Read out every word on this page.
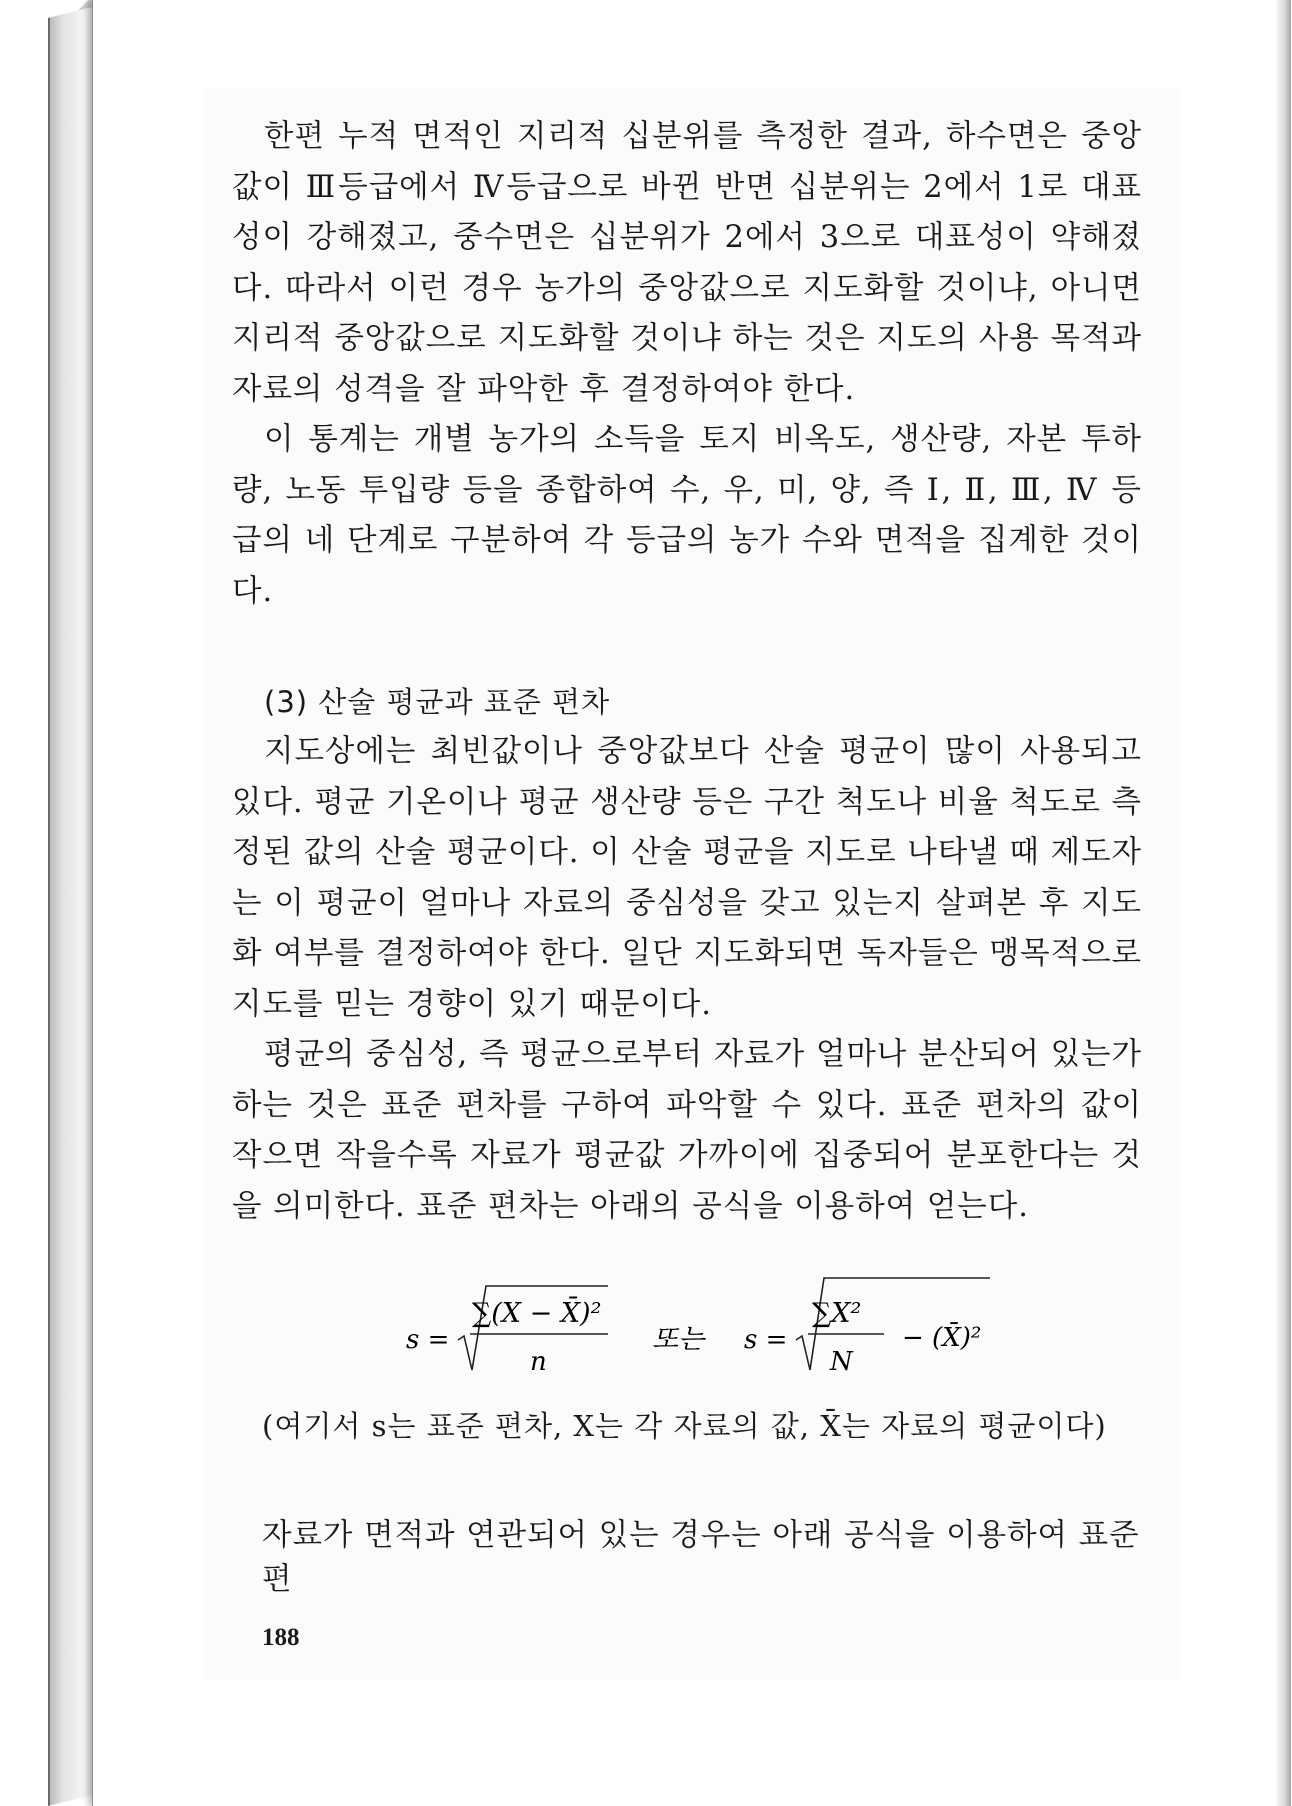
한편 누적 면적인 지리적 십분위를 측정한 결과, 하수면은 중앙값이 Ⅲ등급에서 Ⅳ등급으로 바뀐 반면 십분위는 2에서 1로 대표성이 강해졌고, 중수면은 십분위가 2에서 3으로 대표성이 약해졌다. 따라서 이런 경우 농가의 중앙값으로 지도화할 것이냐, 아니면 지리적 중앙값으로 지도화할 것이냐 하는 것은 지도의 사용 목적과 자료의 성격을 잘 파악한 후 결정하여야 한다.

이 통계는 개별 농가의 소득을 토지 비옥도, 생산량, 자본 투하량, 노동 투입량 등을 종합하여 수, 우, 미, 양, 즉 Ⅰ, Ⅱ, Ⅲ, Ⅳ 등급의 네 단계로 구분하여 각 등급의 농가 수와 면적을 집계한 것이다.

(3) 산술 평균과 표준 편차

지도상에는 최빈값이나 중앙값보다 산술 평균이 많이 사용되고 있다. 평균 기온이나 평균 생산량 등은 구간 척도나 비율 척도로 측정된 값의 산술 평균이다. 이 산술 평균을 지도로 나타낼 때 제도자는 이 평균이 얼마나 자료의 중심성을 갖고 있는지 살펴본 후 지도화 여부를 결정하여야 한다. 일단 지도화되면 독자들은 맹목적으로 지도를 믿는 경향이 있기 때문이다.

평균의 중심성, 즉 평균으로부터 자료가 얼마나 분산되어 있는가 하는 것은 표준 편차를 구하여 파악할 수 있다. 표준 편차의 값이 작으면 작을수록 자료가 평균값 가까이에 집중되어 분포한다는 것을 의미한다. 표준 편차는 아래의 공식을 이용하여 얻는다.

s =
∑(X − X̄)²
n
또는 s =
∑X²
N
− (X̄)²
(여기서 s는 표준 편차, X는 각 자료의 값, X̄는 자료의 평균이다)
자료가 면적과 연관되어 있는 경우는 아래 공식을 이용하여 표준 편
188
